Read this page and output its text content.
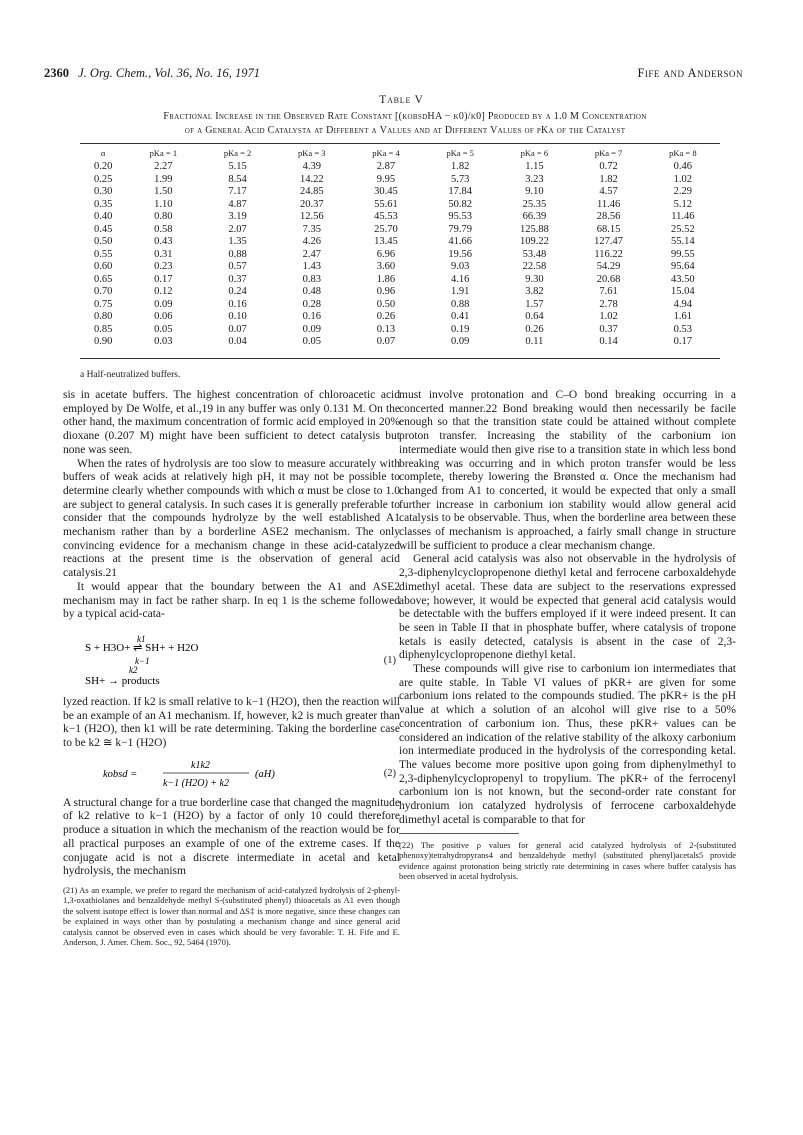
2360 J. Org. Chem., Vol. 36, No. 16, 1971	Fife and Anderson
Table V
Fractional Increase in the Observed Rate Constant [(kobsdHA − k0)/k0] Produced by a 1.0 M Concentration
of a General Acid Catalysta at Different α Values and at Different Values of pKa of the Catalyst
α	pKa = 1	pKa = 2	pKa = 3	pKa = 4	pKa = 5	pKa = 6	pKa = 7	pKa = 8
0.20	2.27	5.15	4.39	2.87	1.82	1.15	0.72	0.46
0.25	1.99	8.54	14.22	9.95	5.73	3.23	1.82	1.02
0.30	1.50	7.17	24.85	30.45	17.84	9.10	4.57	2.29
0.35	1.10	4.87	20.37	55.61	50.82	25.35	11.46	5.12
0.40	0.80	3.19	12.56	45.53	95.53	66.39	28.56	11.46
0.45	0.58	2.07	7.35	25.70	79.79	125.88	68.15	25.52
0.50	0.43	1.35	4.26	13.45	41.66	109.22	127.47	55.14
0.55	0.31	0.88	2.47	6.96	19.56	53.48	116.22	99.55
0.60	0.23	0.57	1.43	3.60	9.03	22.58	54.29	95.64
0.65	0.17	0.37	0.83	1.86	4.16	9.30	20.68	43.50
0.70	0.12	0.24	0.48	0.96	1.91	3.82	7.61	15.04
0.75	0.09	0.16	0.28	0.50	0.88	1.57	2.78	4.94
0.80	0.06	0.10	0.16	0.26	0.41	0.64	1.02	1.61
0.85	0.05	0.07	0.09	0.13	0.19	0.26	0.37	0.53
0.90	0.03	0.04	0.05	0.07	0.09	0.11	0.14	0.17
a Half-neutralized buffers.

sis in acetate buffers. The highest concentration of chloroacetic acid employed by De Wolfe, et al.,19 in any buffer was only 0.131 M. On the other hand, the maximum concentration of formic acid employed in 20% dioxane (0.207 M) might have been sufficient to detect catalysis but none was seen.

When the rates of hydrolysis are too slow to measure accurately with buffers of weak acids at relatively high pH, it may not be possible to determine clearly whether compounds with which α must be close to 1.0 are subject to general catalysis. In such cases it is generally preferable to consider that the compounds hydrolyze by the well established A1 mechanism rather than by a borderline ASE2 mechanism. The only convincing evidence for a mechanism change in these acid-catalyzed reactions at the present time is the observation of general acid catalysis.21

It would appear that the boundary between the A1 and ASE2 mechanism may in fact be rather sharp. In eq 1 is the scheme followed by a typical acid-cata-

k1
S + H3O+ ⇌ SH+ + H2O
k−1
k2
SH+ → products
(1)

lyzed reaction. If k2 is small relative to k−1 (H2O), then the reaction will be an example of an A1 mechanism. If, however, k2 is much greater than k−1 (H2O), then k1 will be rate determining. Taking the borderline case to be k2 ≅ k−1 (H2O)

kobsd =
k1k2
k−1 (H2O) + k2
(aH)	(2)

A structural change for a true borderline case that changed the magnitude of k2 relative to k−1 (H2O) by a factor of only 10 could therefore produce a situation in which the mechanism of the reaction would be for all practical purposes an example of one of the extreme cases. If the conjugate acid is not a discrete intermediate in acetal and ketal hydrolysis, the mechanism

(21) As an example, we prefer to regard the mechanism of acid-catalyzed hydrolysis of 2-phenyl-1,3-oxathiolanes and benzaldehyde methyl S-(substituted phenyl) thioacetals as A1 even though the solvent isotope effect is lower than normal and ΔS‡ is more negative, since these changes can be explained in ways other than by postulating a mechanism change and since general acid catalysis cannot be observed even in cases which should be very favorable: T. H. Fife and E. Anderson, J. Amer. Chem. Soc., 92, 5464 (1970).

must involve protonation and C–O bond breaking occurring in a concerted manner.22 Bond breaking would then necessarily be facile enough so that the transition state could be attained without complete proton transfer. Increasing the stability of the carbonium ion intermediate would then give rise to a transition state in which less bond breaking was occurring and in which proton transfer would be less complete, thereby lowering the Brønsted α. Once the mechanism had changed from A1 to concerted, it would be expected that only a small further increase in carbonium ion stability would allow general acid catalysis to be observable. Thus, when the borderline area between these classes of mechanism is approached, a fairly small change in structure will be sufficient to produce a clear mechanism change.

General acid catalysis was also not observable in the hydrolysis of 2,3-diphenylcyclopropenone diethyl ketal and ferrocene carboxaldehyde dimethyl acetal. These data are subject to the reservations expressed above; however, it would be expected that general acid catalysis would be detectable with the buffers employed if it were indeed present. It can be seen in Table II that in phosphate buffer, where catalysis of tropone ketals is easily detected, catalysis is absent in the case of 2,3-diphenylcyclopropenone diethyl ketal.

These compounds will give rise to carbonium ion intermediates that are quite stable. In Table VI values of pKR+ are given for some carbonium ions related to the compounds studied. The pKR+ is the pH value at which a solution of an alcohol will give rise to a 50% concentration of carbonium ion. Thus, these pKR+ values can be considered an indication of the relative stability of the alkoxy carbonium ion intermediate produced in the hydrolysis of the corresponding ketal. The values become more positive upon going from diphenylmethyl to 2,3-diphenylcyclopropenyl to tropylium. The pKR+ of the ferrocenyl carbonium ion is not known, but the second-order rate constant for hydronium ion catalyzed hydrolysis of ferrocene carboxaldehyde dimethyl acetal is comparable to that for

(22) The positive ρ values for general acid catalyzed hydrolysis of 2-(substituted phenoxy)tetrahydropyrans4 and benzaldehyde methyl (substituted phenyl)acetals5 provide evidence against protonation being strictly rate determining in cases where buffer catalysis has been observed in acetal hydrolysis.
